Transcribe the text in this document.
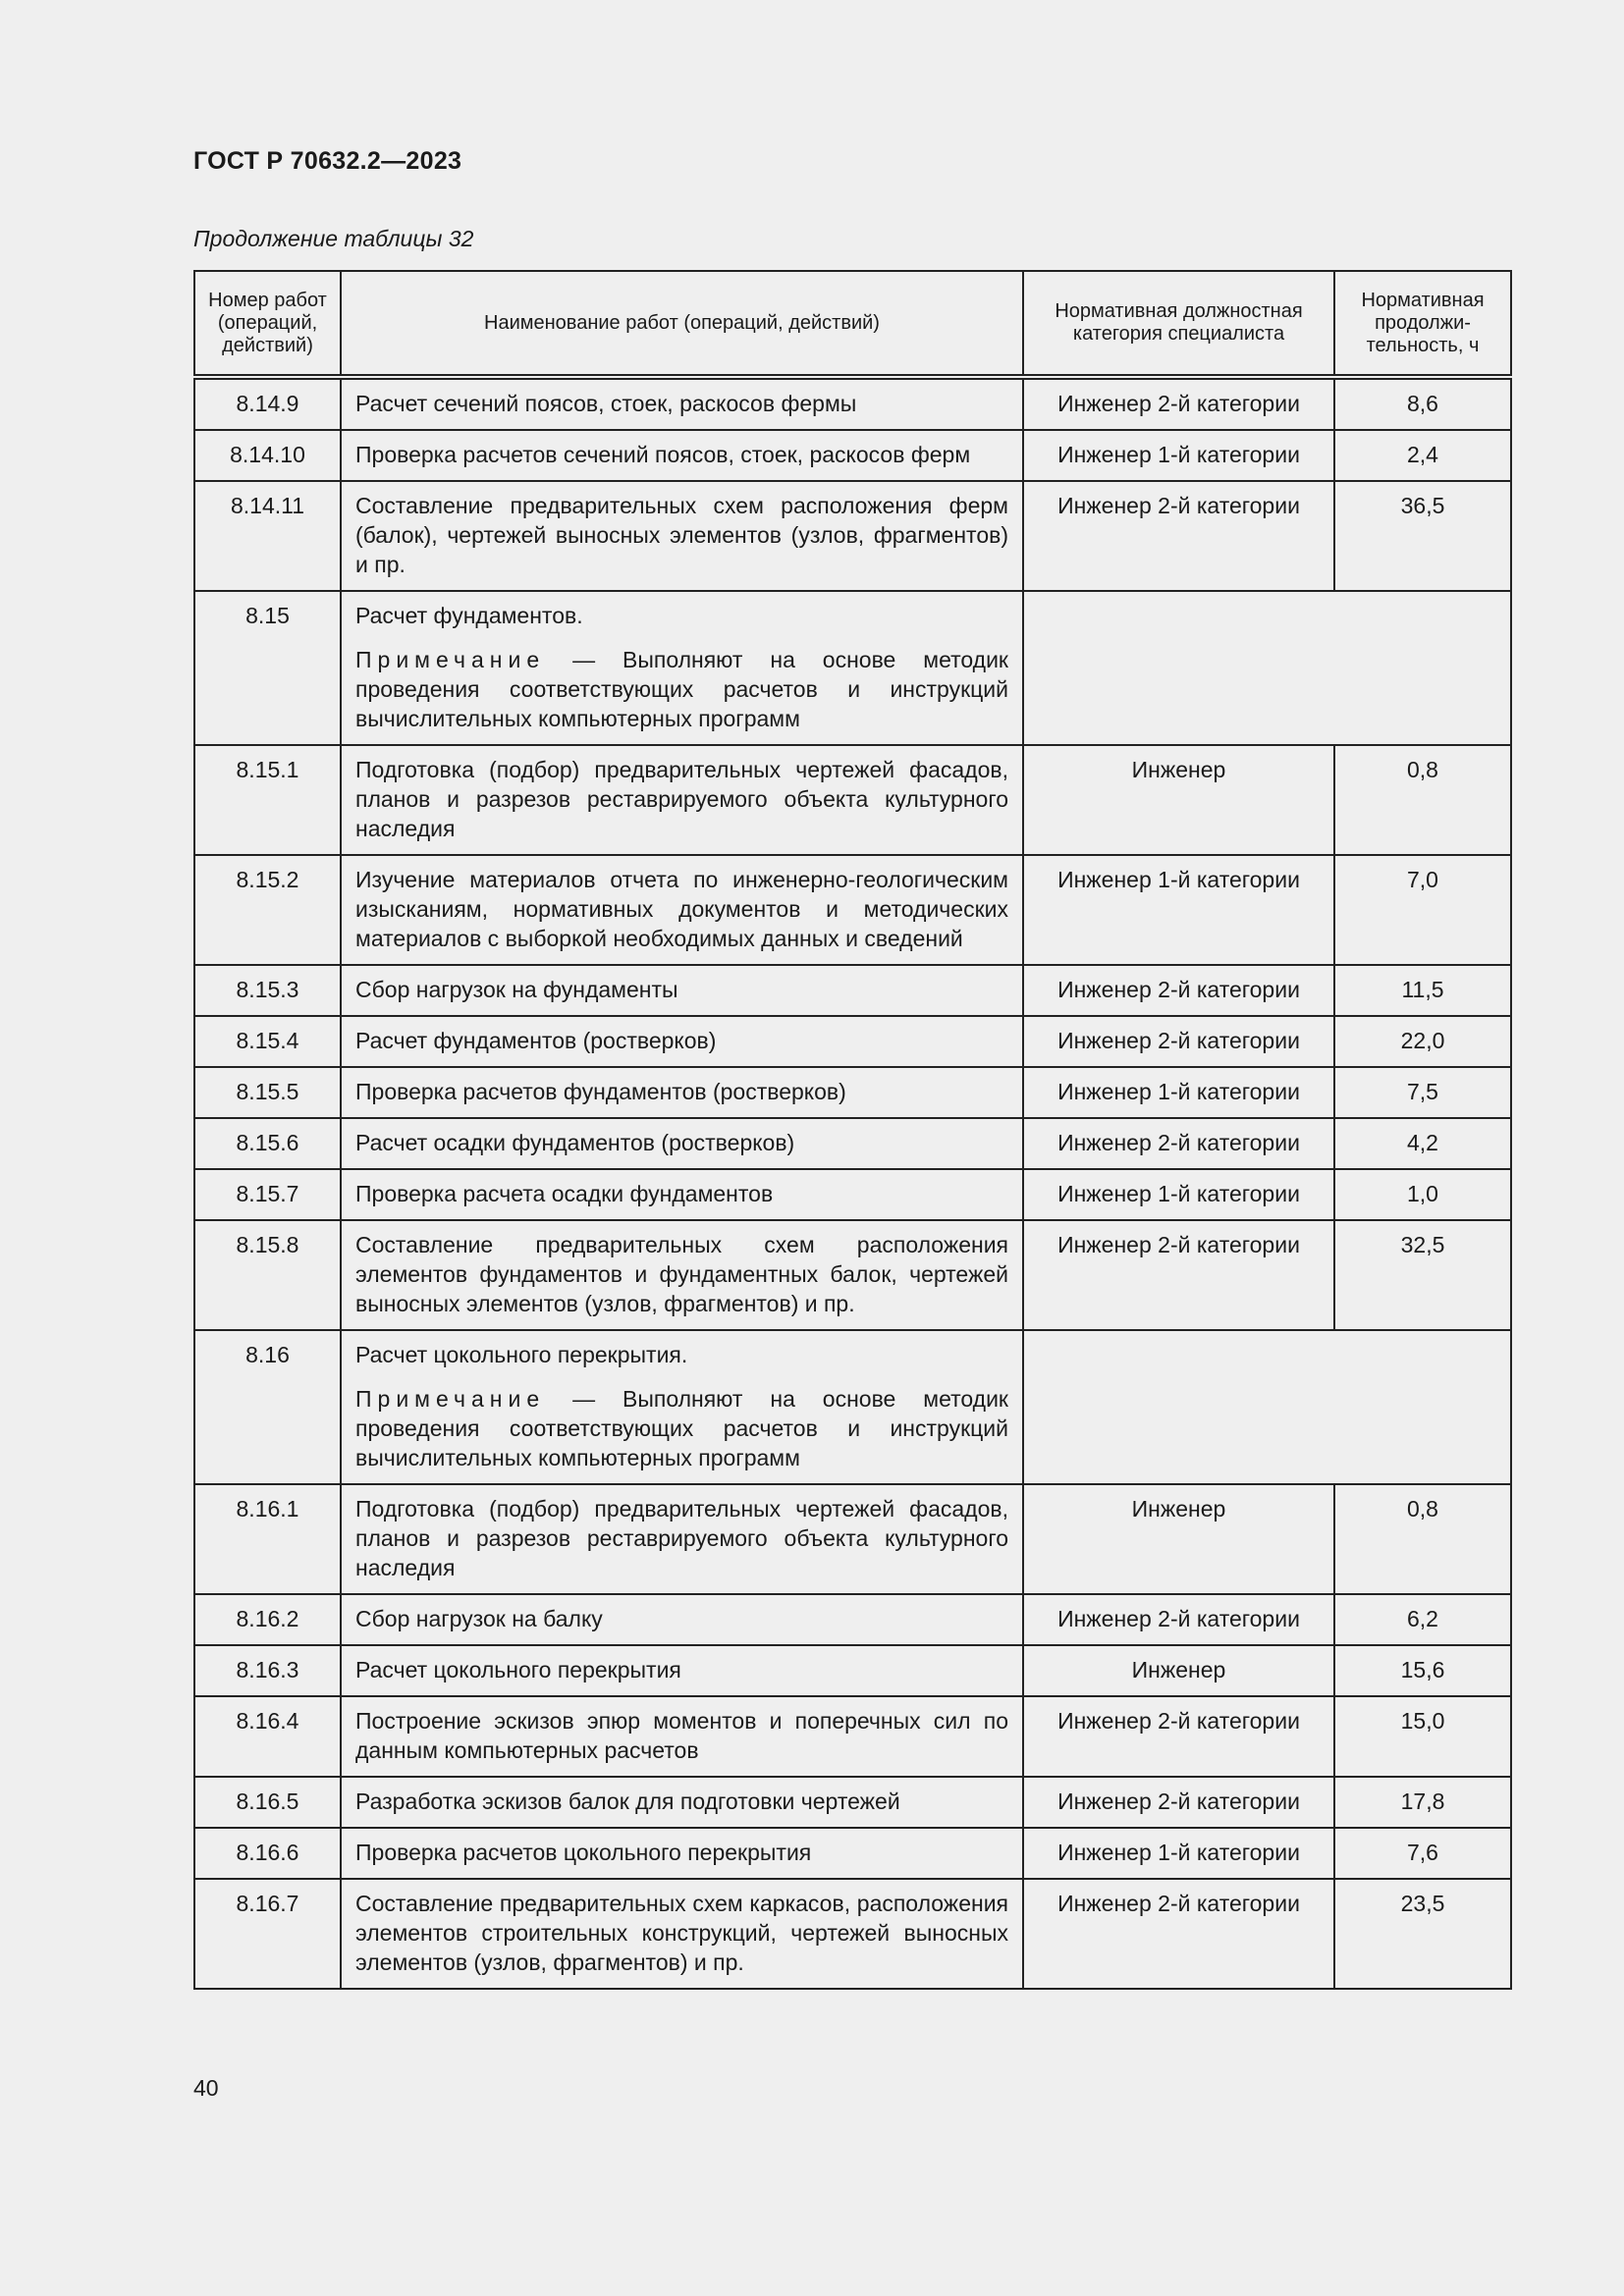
ГОСТ Р 70632.2—2023
Продолжение таблицы 32
Номер работ (операций, действий)	Наименование работ (операций, действий)	Нормативная должностная категория специалиста	Нормативная продолжи-тельность, ч
8.14.9	Расчет сечений поясов, стоек, раскосов фермы	Инженер 2-й категории	8,6
8.14.10	Проверка расчетов сечений поясов, стоек, раскосов ферм	Инженер 1-й категории	2,4
8.14.11	Составление предварительных схем расположения ферм (балок), чертежей выносных элементов (узлов, фрагментов) и пр.	Инженер 2-й категории	36,5
8.15	Расчет фундаментов.
Примечание — Выполняют на основе методик проведения соответствующих расчетов и инструкций вычислительных компьютерных программ		

8.15.1	Подготовка (подбор) предварительных чертежей фасадов, планов и разрезов реставрируемого объекта культурного наследия	Инженер	0,8
8.15.2	Изучение материалов отчета по инженерно-геологическим изысканиям, нормативных документов и методических материалов с выборкой необходимых данных и сведений	Инженер 1-й категории	7,0
8.15.3	Сбор нагрузок на фундаменты	Инженер 2-й категории	11,5
8.15.4	Расчет фундаментов (ростверков)	Инженер 2-й категории	22,0
8.15.5	Проверка расчетов фундаментов (ростверков)	Инженер 1-й категории	7,5
8.15.6	Расчет осадки фундаментов (ростверков)	Инженер 2-й категории	4,2
8.15.7	Проверка расчета осадки фундаментов	Инженер 1-й категории	1,0
8.15.8	Составление предварительных схем расположения элементов фундаментов и фундаментных балок, чертежей выносных элементов (узлов, фрагментов) и пр.	Инженер 2-й категории	32,5
8.16	Расчет цокольного перекрытия.
Примечание — Выполняют на основе методик проведения соответствующих расчетов и инструкций вычислительных компьютерных программ		

8.16.1	Подготовка (подбор) предварительных чертежей фасадов, планов и разрезов реставрируемого объекта культурного наследия	Инженер	0,8
8.16.2	Сбор нагрузок на балку	Инженер 2-й категории	6,2
8.16.3	Расчет цокольного перекрытия	Инженер	15,6
8.16.4	Построение эскизов эпюр моментов и поперечных сил по данным компьютерных расчетов	Инженер 2-й категории	15,0
8.16.5	Разработка эскизов балок для подготовки чертежей	Инженер 2-й категории	17,8
8.16.6	Проверка расчетов цокольного перекрытия	Инженер 1-й категории	7,6
8.16.7	Составление предварительных схем каркасов, расположения элементов строительных конструкций, чертежей выносных элементов (узлов, фрагментов) и пр.	Инженер 2-й категории	23,5
40
